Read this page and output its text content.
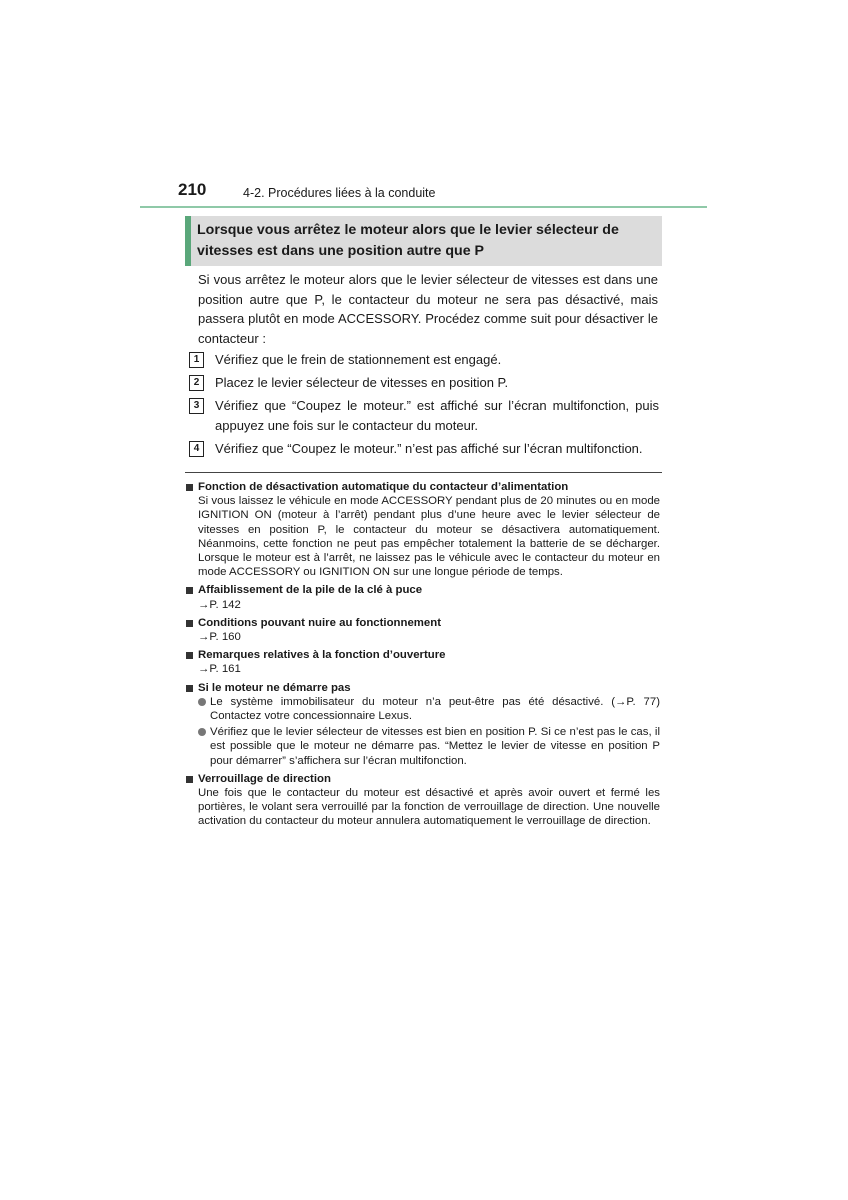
210	4-2. Procédures liées à la conduite
Lorsque vous arrêtez le moteur alors que le levier sélecteur de vitesses est dans une position autre que P
Si vous arrêtez le moteur alors que le levier sélecteur de vitesses est dans une position autre que P, le contacteur du moteur ne sera pas désactivé, mais passera plutôt en mode ACCESSORY. Procédez comme suit pour désactiver le contacteur :
1	Vérifiez que le frein de stationnement est engagé.
2	Placez le levier sélecteur de vitesses en position P.
3	Vérifiez que “Coupez le moteur.” est affiché sur l’écran multifonction, puis appuyez une fois sur le contacteur du moteur.
4	Vérifiez que “Coupez le moteur.” n’est pas affiché sur l’écran multifonction.
Fonction de désactivation automatique du contacteur d’alimentation
Si vous laissez le véhicule en mode ACCESSORY pendant plus de 20 minutes ou en mode IGNITION ON (moteur à l’arrêt) pendant plus d’une heure avec le levier sélecteur de vitesses en position P, le contacteur du moteur se désactivera automatiquement. Néanmoins, cette fonction ne peut pas empêcher totalement la batterie de se décharger. Lorsque le moteur est à l’arrêt, ne laissez pas le véhicule avec le contacteur du moteur en mode ACCESSORY ou IGNITION ON sur une longue période de temps.
Affaiblissement de la pile de la clé à puce
→P. 142
Conditions pouvant nuire au fonctionnement
→P. 160
Remarques relatives à la fonction d’ouverture
→P. 161
Si le moteur ne démarre pas
Le système immobilisateur du moteur n’a peut-être pas été désactivé. (→P. 77) Contactez votre concessionnaire Lexus.
Vérifiez que le levier sélecteur de vitesses est bien en position P. Si ce n’est pas le cas, il est possible que le moteur ne démarre pas. “Mettez le levier de vitesse en position P pour démarrer” s’affichera sur l’écran multifonction.
Verrouillage de direction
Une fois que le contacteur du moteur est désactivé et après avoir ouvert et fermé les portières, le volant sera verrouillé par la fonction de verrouillage de direction. Une nouvelle activation du contacteur du moteur annulera automatiquement le verrouillage de direction.
